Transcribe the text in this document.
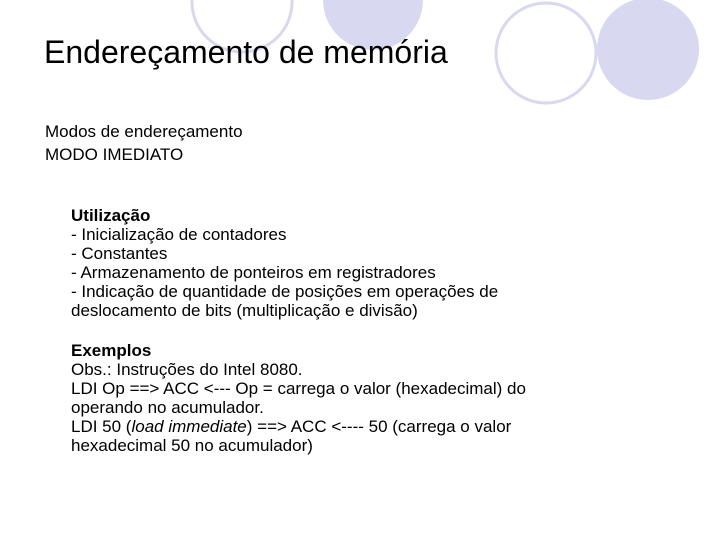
Endereçamento de memória
Modos de endereçamento
MODO IMEDIATO
Utilização
- Inicialização de contadores
- Constantes
- Armazenamento de ponteiros em registradores
- Indicação de quantidade de posições em operações de
deslocamento de bits (multiplicação e divisão)
Exemplos
Obs.: Instruções do Intel 8080.
LDI Op ==> ACC <--- Op = carrega o valor (hexadecimal) do
operando no acumulador.
LDI 50 (load immediate) ==> ACC <---- 50 (carrega o valor
hexadecimal 50 no acumulador)
